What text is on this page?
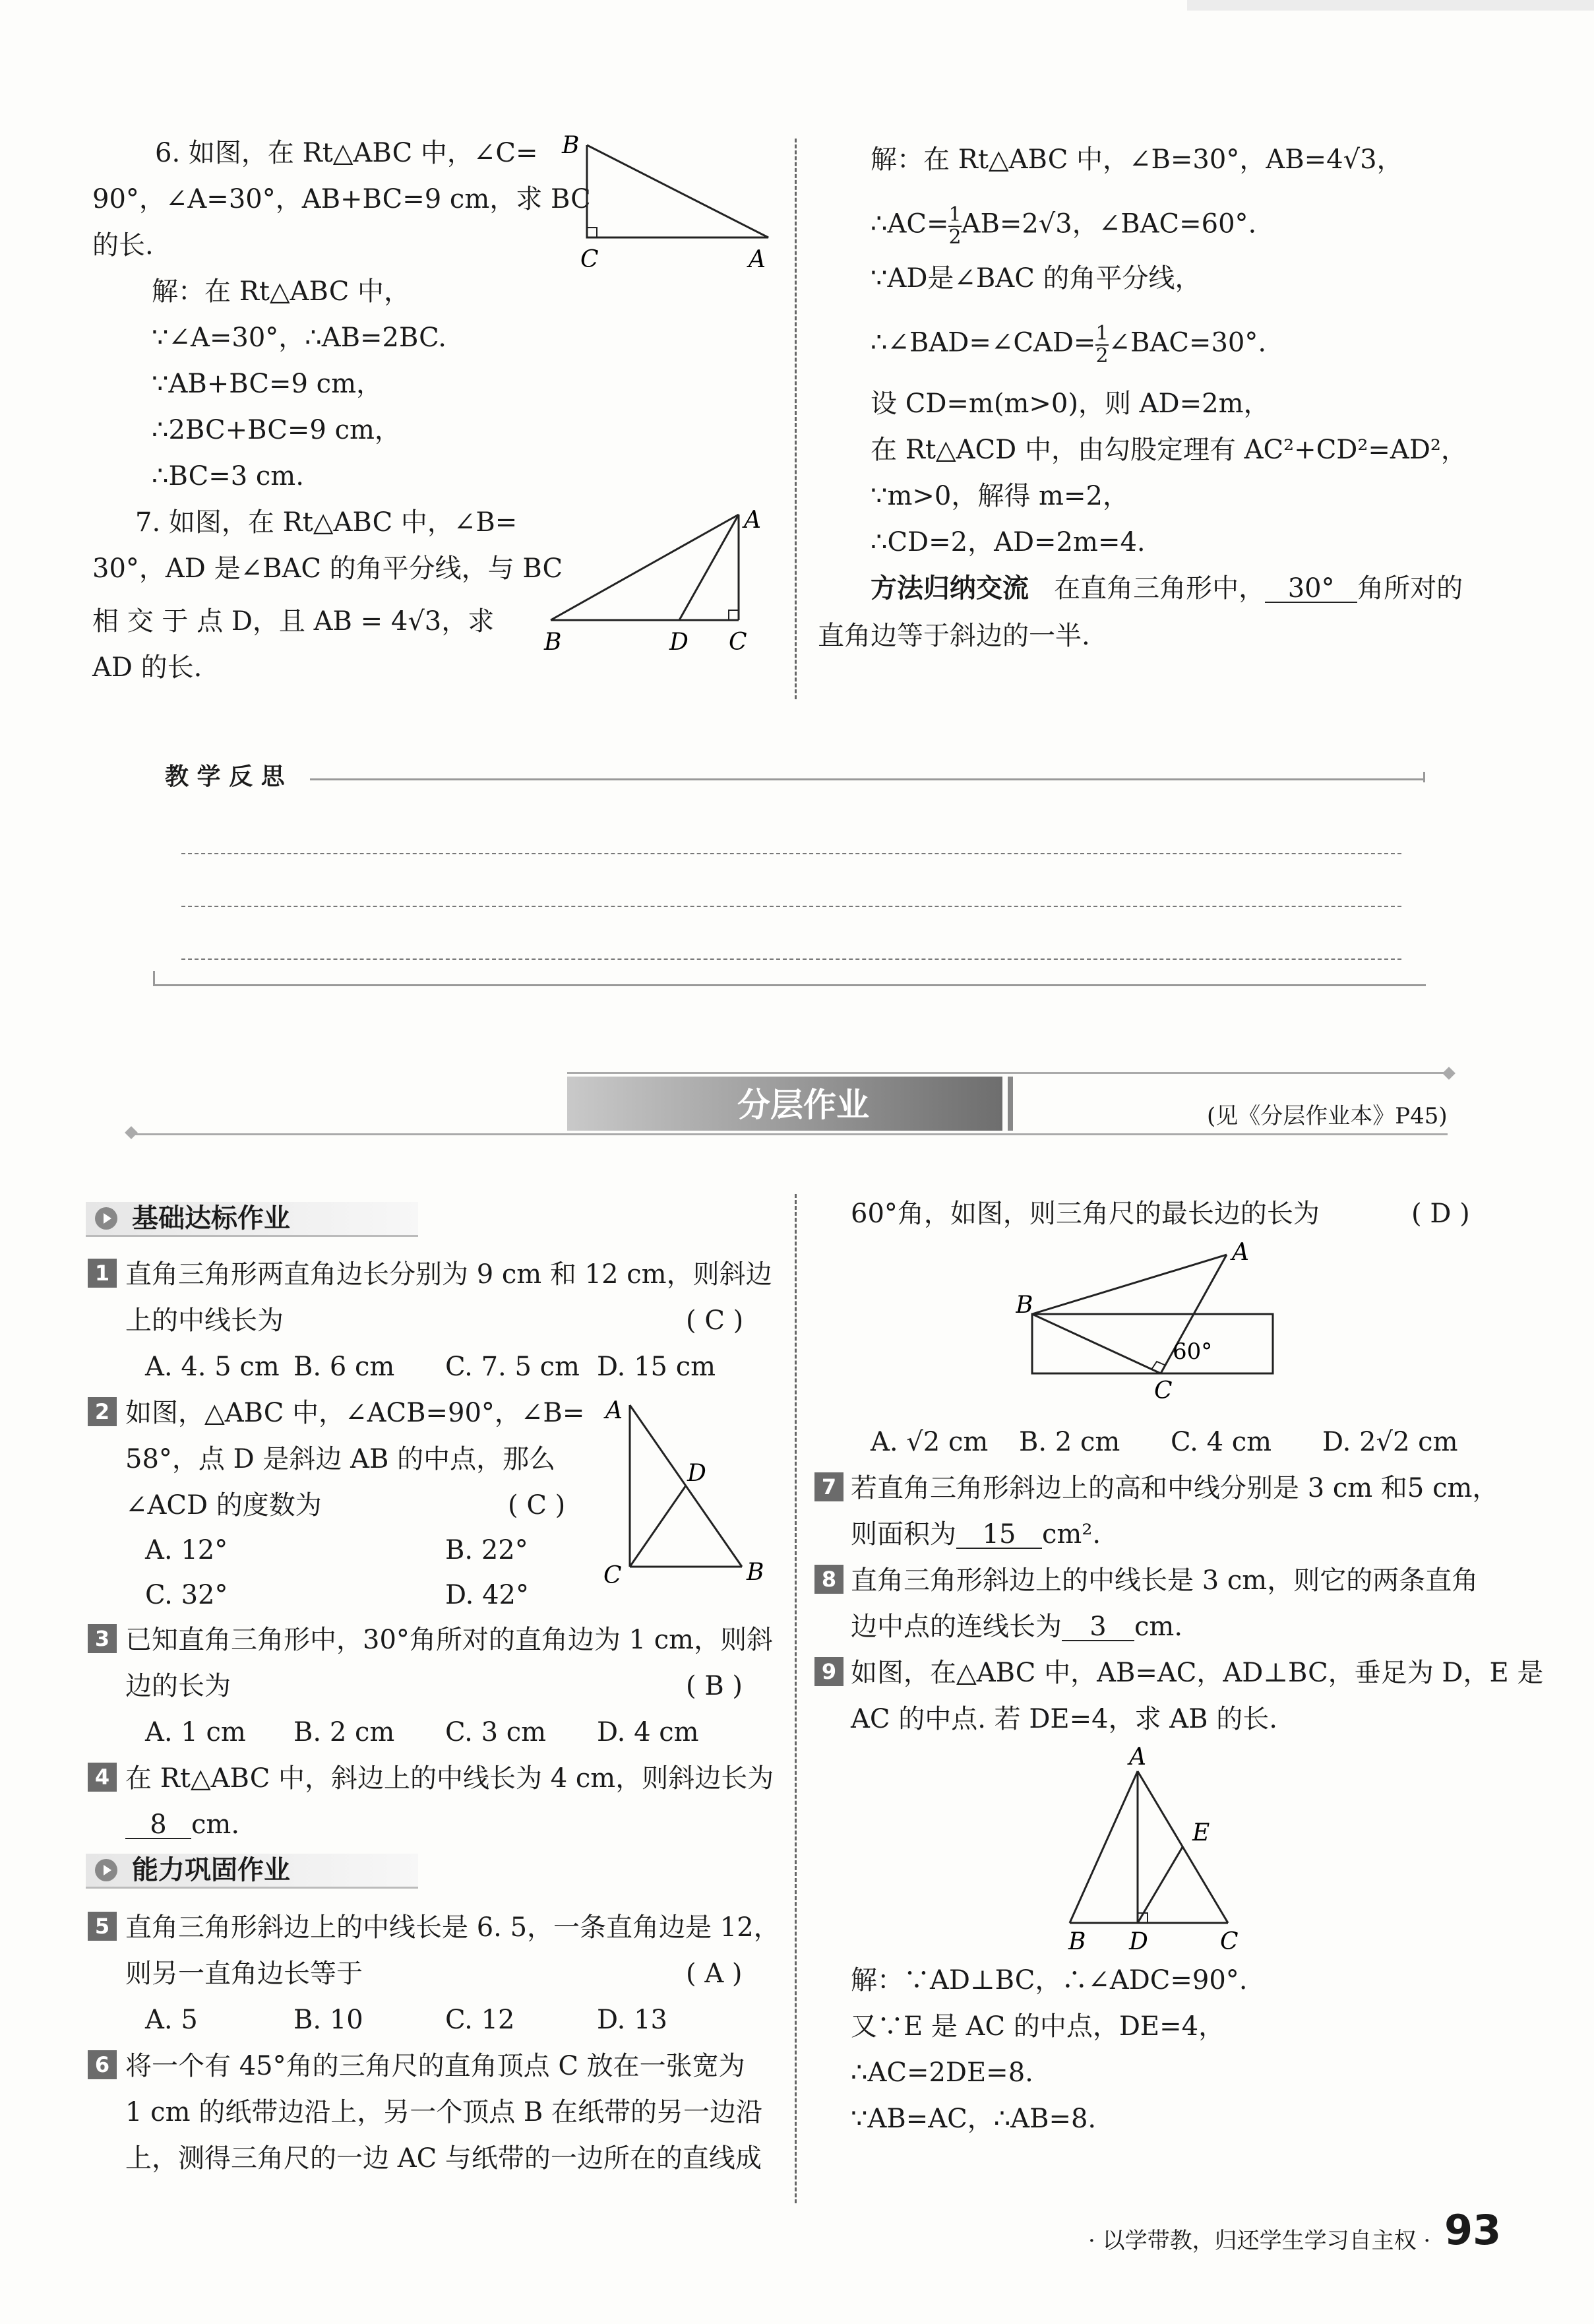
6. 如图，在 Rt△ABC 中，∠C=
90°，∠A=30°，AB+BC=9 cm，求 BC
的长.
解：在 Rt△ABC 中，
∵∠A=30°，∴AB=2BC.
∵AB+BC=9 cm，
∴2BC+BC=9 cm，
∴BC=3 cm.
B
C	A
7. 如图，在 Rt△ABC 中，∠B=
30°，AD 是∠BAC 的角平分线，与 BC
相 交 于 点 D，且 AB = 4√3，求
AD 的长.
A
B	D C
解：在 Rt△ABC 中，∠B=30°，AB=4√3，
∴AC= $\frac{1}{2} AB=2√3$，∠BAC=60°.
∵AD是∠BAC 的角平分线，
∴∠BAD=∠CAD= $\frac{1}{2}$ ∠BAC=30°.
设 CD=m(m>0)，则 AD=2m，
在 Rt△ACD 中，由勾股定理有 AC²+CD²=AD²，
∵m>0，解得 m=2，
∴CD=2，AD=2m=4.
方法归纳交流 在直角三角形中， 30° 角所对的
直角边等于斜边的一半.
教 学 反 思
分层作业	(见《分层作业本》P45)
基础达标作业
1 直角三角形两直角边长分别为 9 cm 和 12 cm，则斜边
上的中线长为	( C )
A. 4. 5 cm B. 6 cm C. 7. 5 cm D. 15 cm
2 如图，△ABC 中，∠ACB=90°，∠B=
58°，点 D 是斜边 AB 的中点，那么
∠ACD 的度数为	( C )
A. 12°	B. 22°
C. 32°	D. 42°
A
D
C	B
3 已知直角三角形中，30°角所对的直角边为 1 cm，则斜
边的长为	( B )
A. 1 cm B. 2 cm C. 3 cm D. 4 cm
4 在 Rt△ABC 中，斜边上的中线长为 4 cm，则斜边长为
8 cm.
能力巩固作业
5 直角三角形斜边上的中线长是 6. 5，一条直角边是 12，
则另一直角边长等于	( A )
A. 5	B. 10	C. 12	D. 13
6 将一个有 45°角的三角尺的直角顶点 C 放在一张宽为
1 cm 的纸带边沿上，另一个顶点 B 在纸带的另一边沿
上，测得三角尺的一边 AC 与纸带的一边所在的直线成
60°角，如图，则三角尺的最长边的长为	( D )
A
B
C
60°
A. √2 cm B. 2 cm C. 4 cm D. 2√2 cm
7 若直角三角形斜边上的高和中线分别是 3 cm 和5 cm，
则面积为 15 cm².
8 直角三角形斜边上的中线长是 3 cm，则它的两条直角
边中点的连线长为 3 cm.
9 如图，在△ABC 中，AB=AC，AD⊥BC，垂足为 D，E 是
AC 的中点. 若 DE=4，求 AB 的长.
A
E
B D	C
解：∵AD⊥BC，∴∠ADC=90°.
又∵E 是 AC 的中点，DE=4，
∴AC=2DE=8.
∵AB=AC，∴AB=8.
· 以学带教，归还学生学习自主权 · 93
